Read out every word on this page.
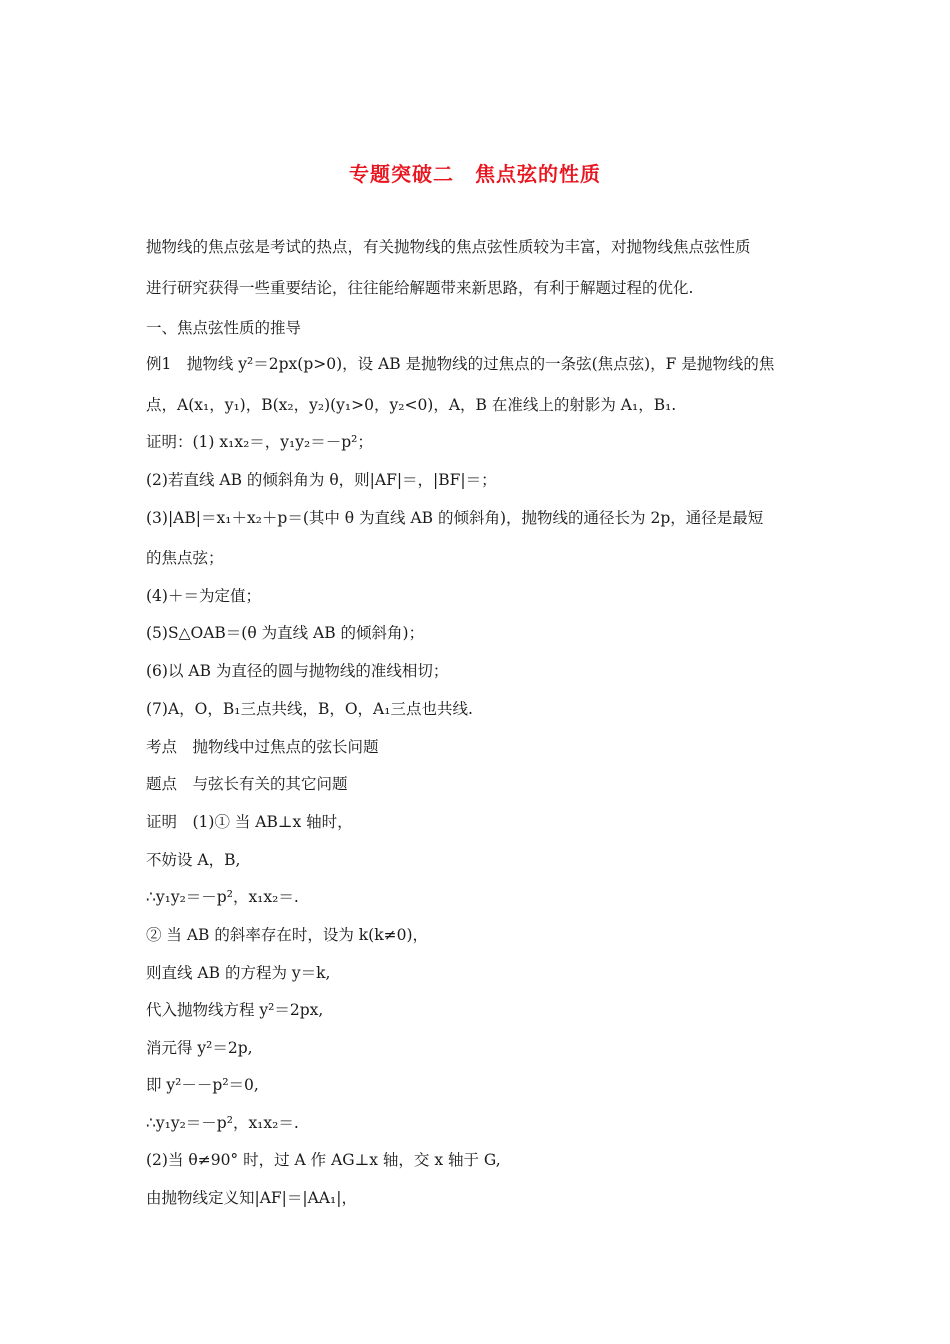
专题突破二　焦点弦的性质
抛物线的焦点弦是考试的热点，有关抛物线的焦点弦性质较为丰富，对抛物线焦点弦性质
进行研究获得一些重要结论，往往能给解题带来新思路，有利于解题过程的优化.
一、焦点弦性质的推导
例1　抛物线 y²＝2px(p>0)，设 AB 是抛物线的过焦点的一条弦(焦点弦)，F 是抛物线的焦
点，A(x₁，y₁)，B(x₂，y₂)(y₁>0，y₂<0)，A，B 在准线上的射影为 A₁，B₁.
证明：(1) x₁x₂＝，y₁y₂＝－p²；
(2)若直线 AB 的倾斜角为 θ，则|AF|＝，|BF|＝；
(3)|AB|＝x₁＋x₂＋p＝(其中 θ 为直线 AB 的倾斜角)，抛物线的通径长为 2p，通径是最短
的焦点弦；
(4)＋＝为定值；
(5)S△OAB＝(θ 为直线 AB 的倾斜角)；
(6)以 AB 为直径的圆与抛物线的准线相切；
(7)A，O，B₁三点共线，B，O，A₁三点也共线.
考点　抛物线中过焦点的弦长问题
题点　与弦长有关的其它问题
证明　(1)① 当 AB⊥x 轴时，
不妨设 A，B,
∴y₁y₂＝－p²，x₁x₂＝.
② 当 AB 的斜率存在时，设为 k(k≠0)，
则直线 AB 的方程为 y＝k,
代入抛物线方程 y²＝2px,
消元得 y²＝2p,
即 y²－－p²＝0,
∴y₁y₂＝－p²，x₁x₂＝.
(2)当 θ≠90° 时，过 A 作 AG⊥x 轴，交 x 轴于 G,
由抛物线定义知|AF|＝|AA₁|，
